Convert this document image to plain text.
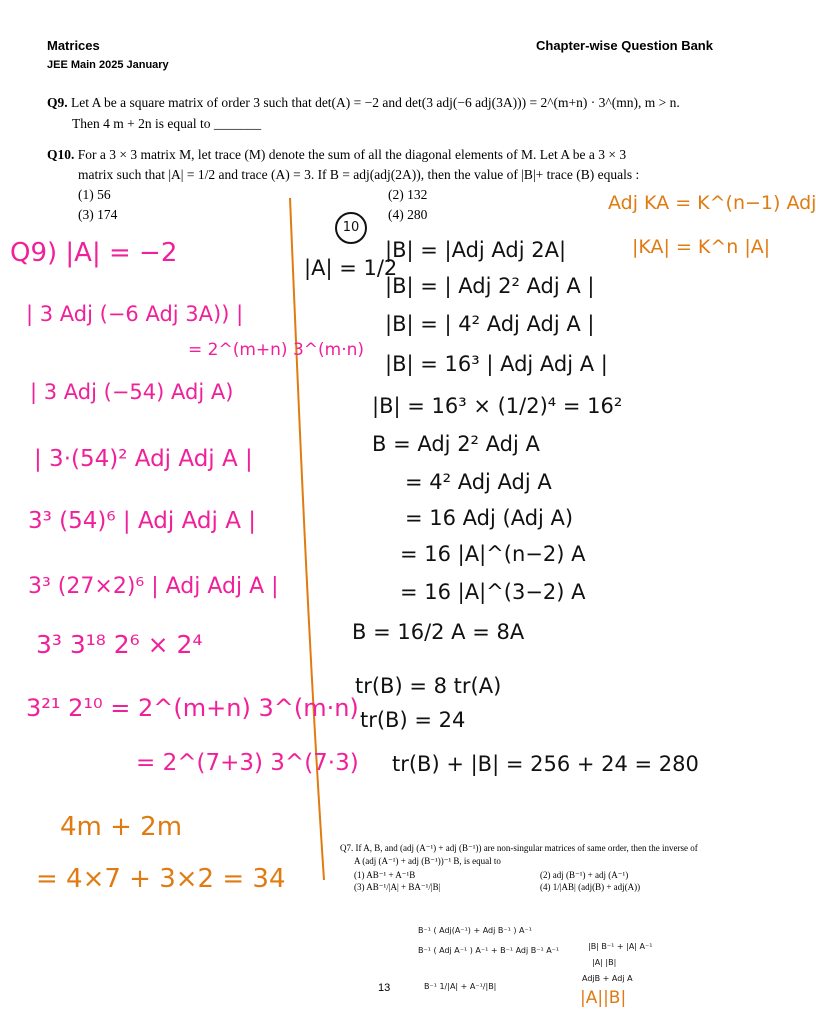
Matrices	Chapter-wise Question Bank
JEE Main 2025 January
Q9. Let A be a square matrix of order 3 such that det(A) = −2 and det(3 adj(−6 adj(3A))) = 2^(m+n) · 3^(mn), m > n.
Then 4 m + 2n is equal to _______
Q10. For a 3 × 3 matrix M, let trace (M) denote the sum of all the diagonal elements of M. Let A be a 3 × 3
matrix such that |A| = 1/2 and trace (A) = 3. If B = adj(adj(2A)), then the value of |B|+ trace (B) equals :
(1) 56	(2) 132
(3) 174	(4) 280
Adj KA = K^(n−1) Adj
|KA| = K^n |A|
Q9) |A| = −2
| 3 Adj (−6 Adj 3A)) |
= 2^(m+n) 3^(m·n)
| 3 Adj (−54) Adj A)
| 3·(54)² Adj Adj A |
3³ (54)⁶ | Adj Adj A |
3³ (27×2)⁶ | Adj Adj A |
3³ 3¹⁸ 2⁶ × 2⁴
3²¹ 2¹⁰ = 2^(m+n) 3^(m·n)
= 2^(7+3) 3^(7·3)
4m + 2m
= 4×7 + 3×2 = 34
10
|A| = 1/2
|B| = |Adj Adj 2A|
|B| = | Adj 2² Adj A |
|B| = | 4² Adj Adj A |
|B| = 16³ | Adj Adj A |
|B| = 16³ × (1/2)⁴ = 16²
B = Adj 2² Adj A
= 4² Adj Adj A
= 16 Adj (Adj A)
= 16 |A|^(n−2) A
= 16 |A|^(3−2) A
B = 16/2 A = 8A
tr(B) = 8 tr(A)
tr(B) = 24
tr(B) + |B| = 256 + 24 = 280
Q7. If A, B, and (adj (A⁻¹) + adj (B⁻¹)) are non-singular matrices of same order, then the inverse of
A (adj (A⁻¹) + adj (B⁻¹))⁻¹ B, is equal to
(1) AB⁻¹ + A⁻¹B	(2) adj (B⁻¹) + adj (A⁻¹)
(3) AB⁻¹/|A| + BA⁻¹/|B|	(4) 1/|AB| (adj(B) + adj(A))
B⁻¹ ( Adj(A⁻¹) + Adj B⁻¹ ) A⁻¹
B⁻¹ ( Adj A⁻¹ ) A⁻¹ + B⁻¹ Adj B⁻¹ A⁻¹
B⁻¹ 1/|A| + A⁻¹/|B|
|B| B⁻¹ + |A| A⁻¹
|A| |B|
AdjB + Adj A
|A||B|
13
